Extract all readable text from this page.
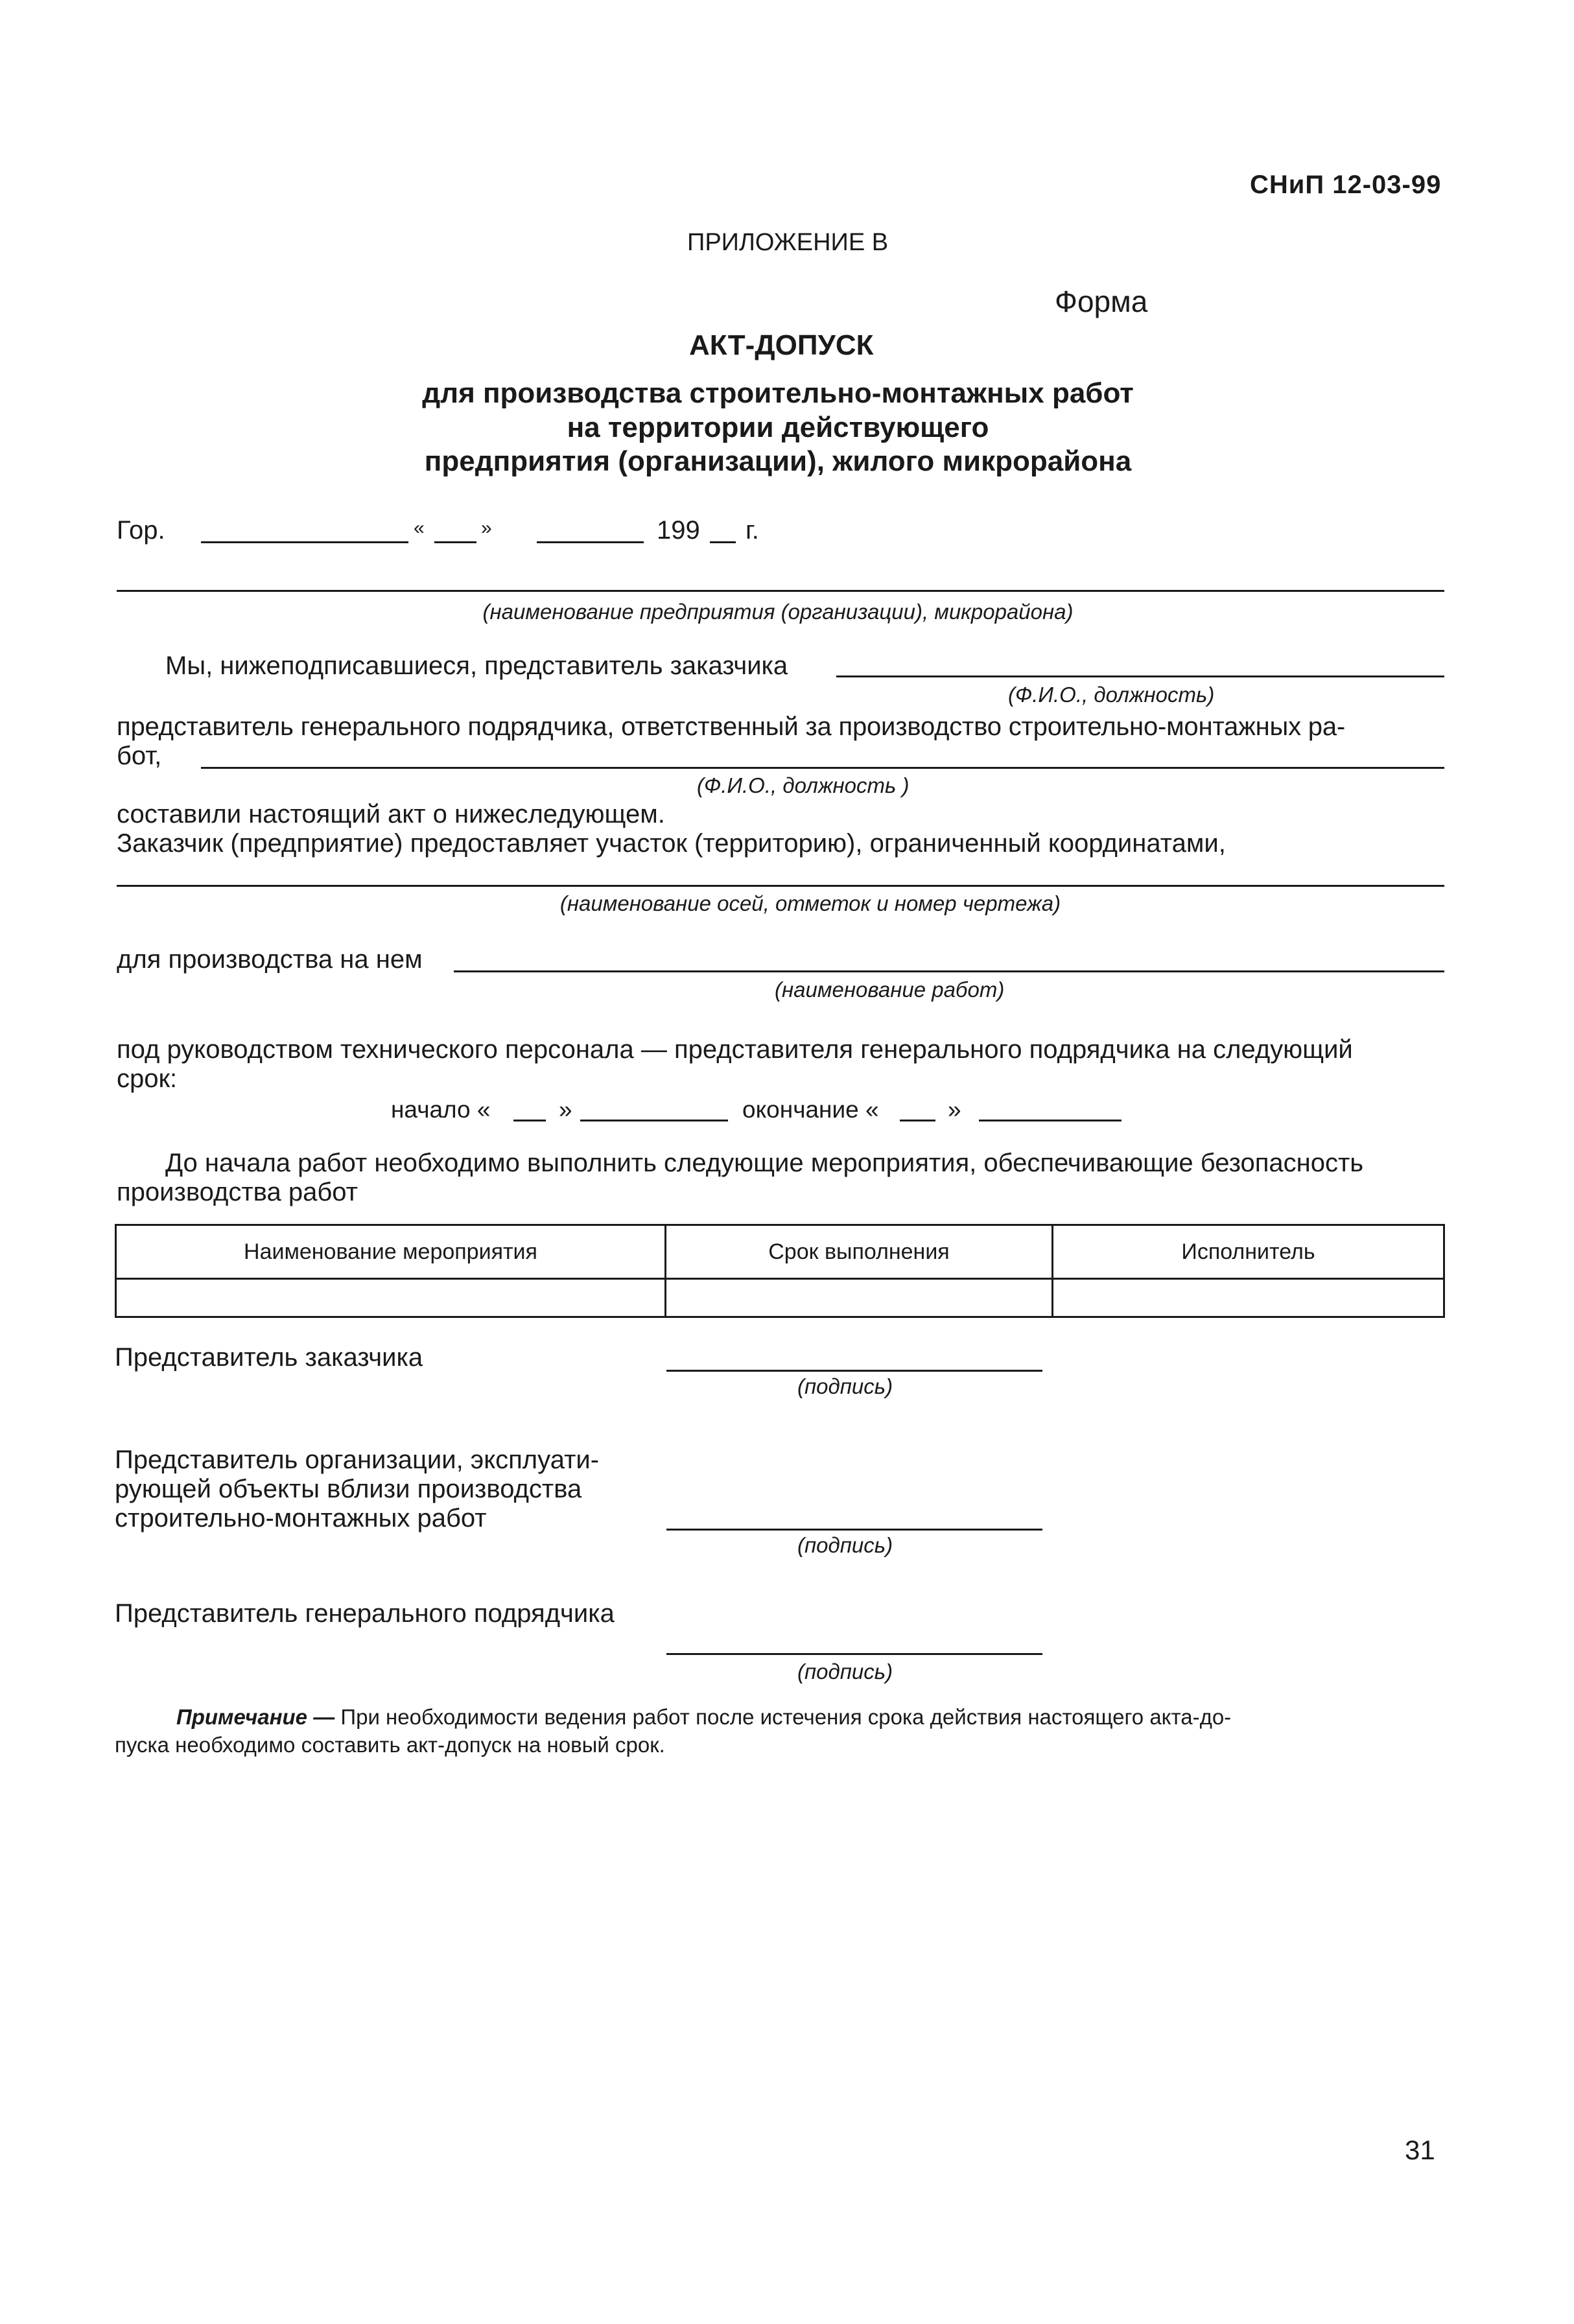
СНиП 12-03-99
ПРИЛОЖЕНИЕ В
Форма
АКТ-ДОПУСК
для производства строительно-монтажных работ
на территории действующего
предприятия (организации), жилого микрорайона
Гор.	«	»	199 г.
(наименование предприятия (организации), микрорайона)
Мы, нижеподписавшиеся, представитель заказчика
(Ф.И.О., должность)
представитель генерального подрядчика, ответственный за производство строительно-монтажных ра-
бот,
(Ф.И.О., должность )
составили настоящий акт о нижеследующем.
Заказчик (предприятие) предоставляет участок (территорию), ограниченный координатами,
(наименование осей, отметок и номер чертежа)
для производства на нем
(наименование работ)
под руководством технического персонала — представителя генерального подрядчика на следующий
срок:
начало «	»	окончание «	»
До начала работ необходимо выполнить следующие мероприятия, обеспечивающие безопасность
производства работ
Наименование мероприятия	Срок выполнения	Исполнитель
Представитель заказчика
(подпись)
Представитель организации, эксплуати-
рующей объекты вблизи производства
строительно-монтажных работ
(подпись)
Представитель генерального подрядчика
(подпись)
Примечание — При необходимости ведения работ после истечения срока действия настоящего акта-до-
пуска необходимо составить акт-допуск на новый срок.
31
